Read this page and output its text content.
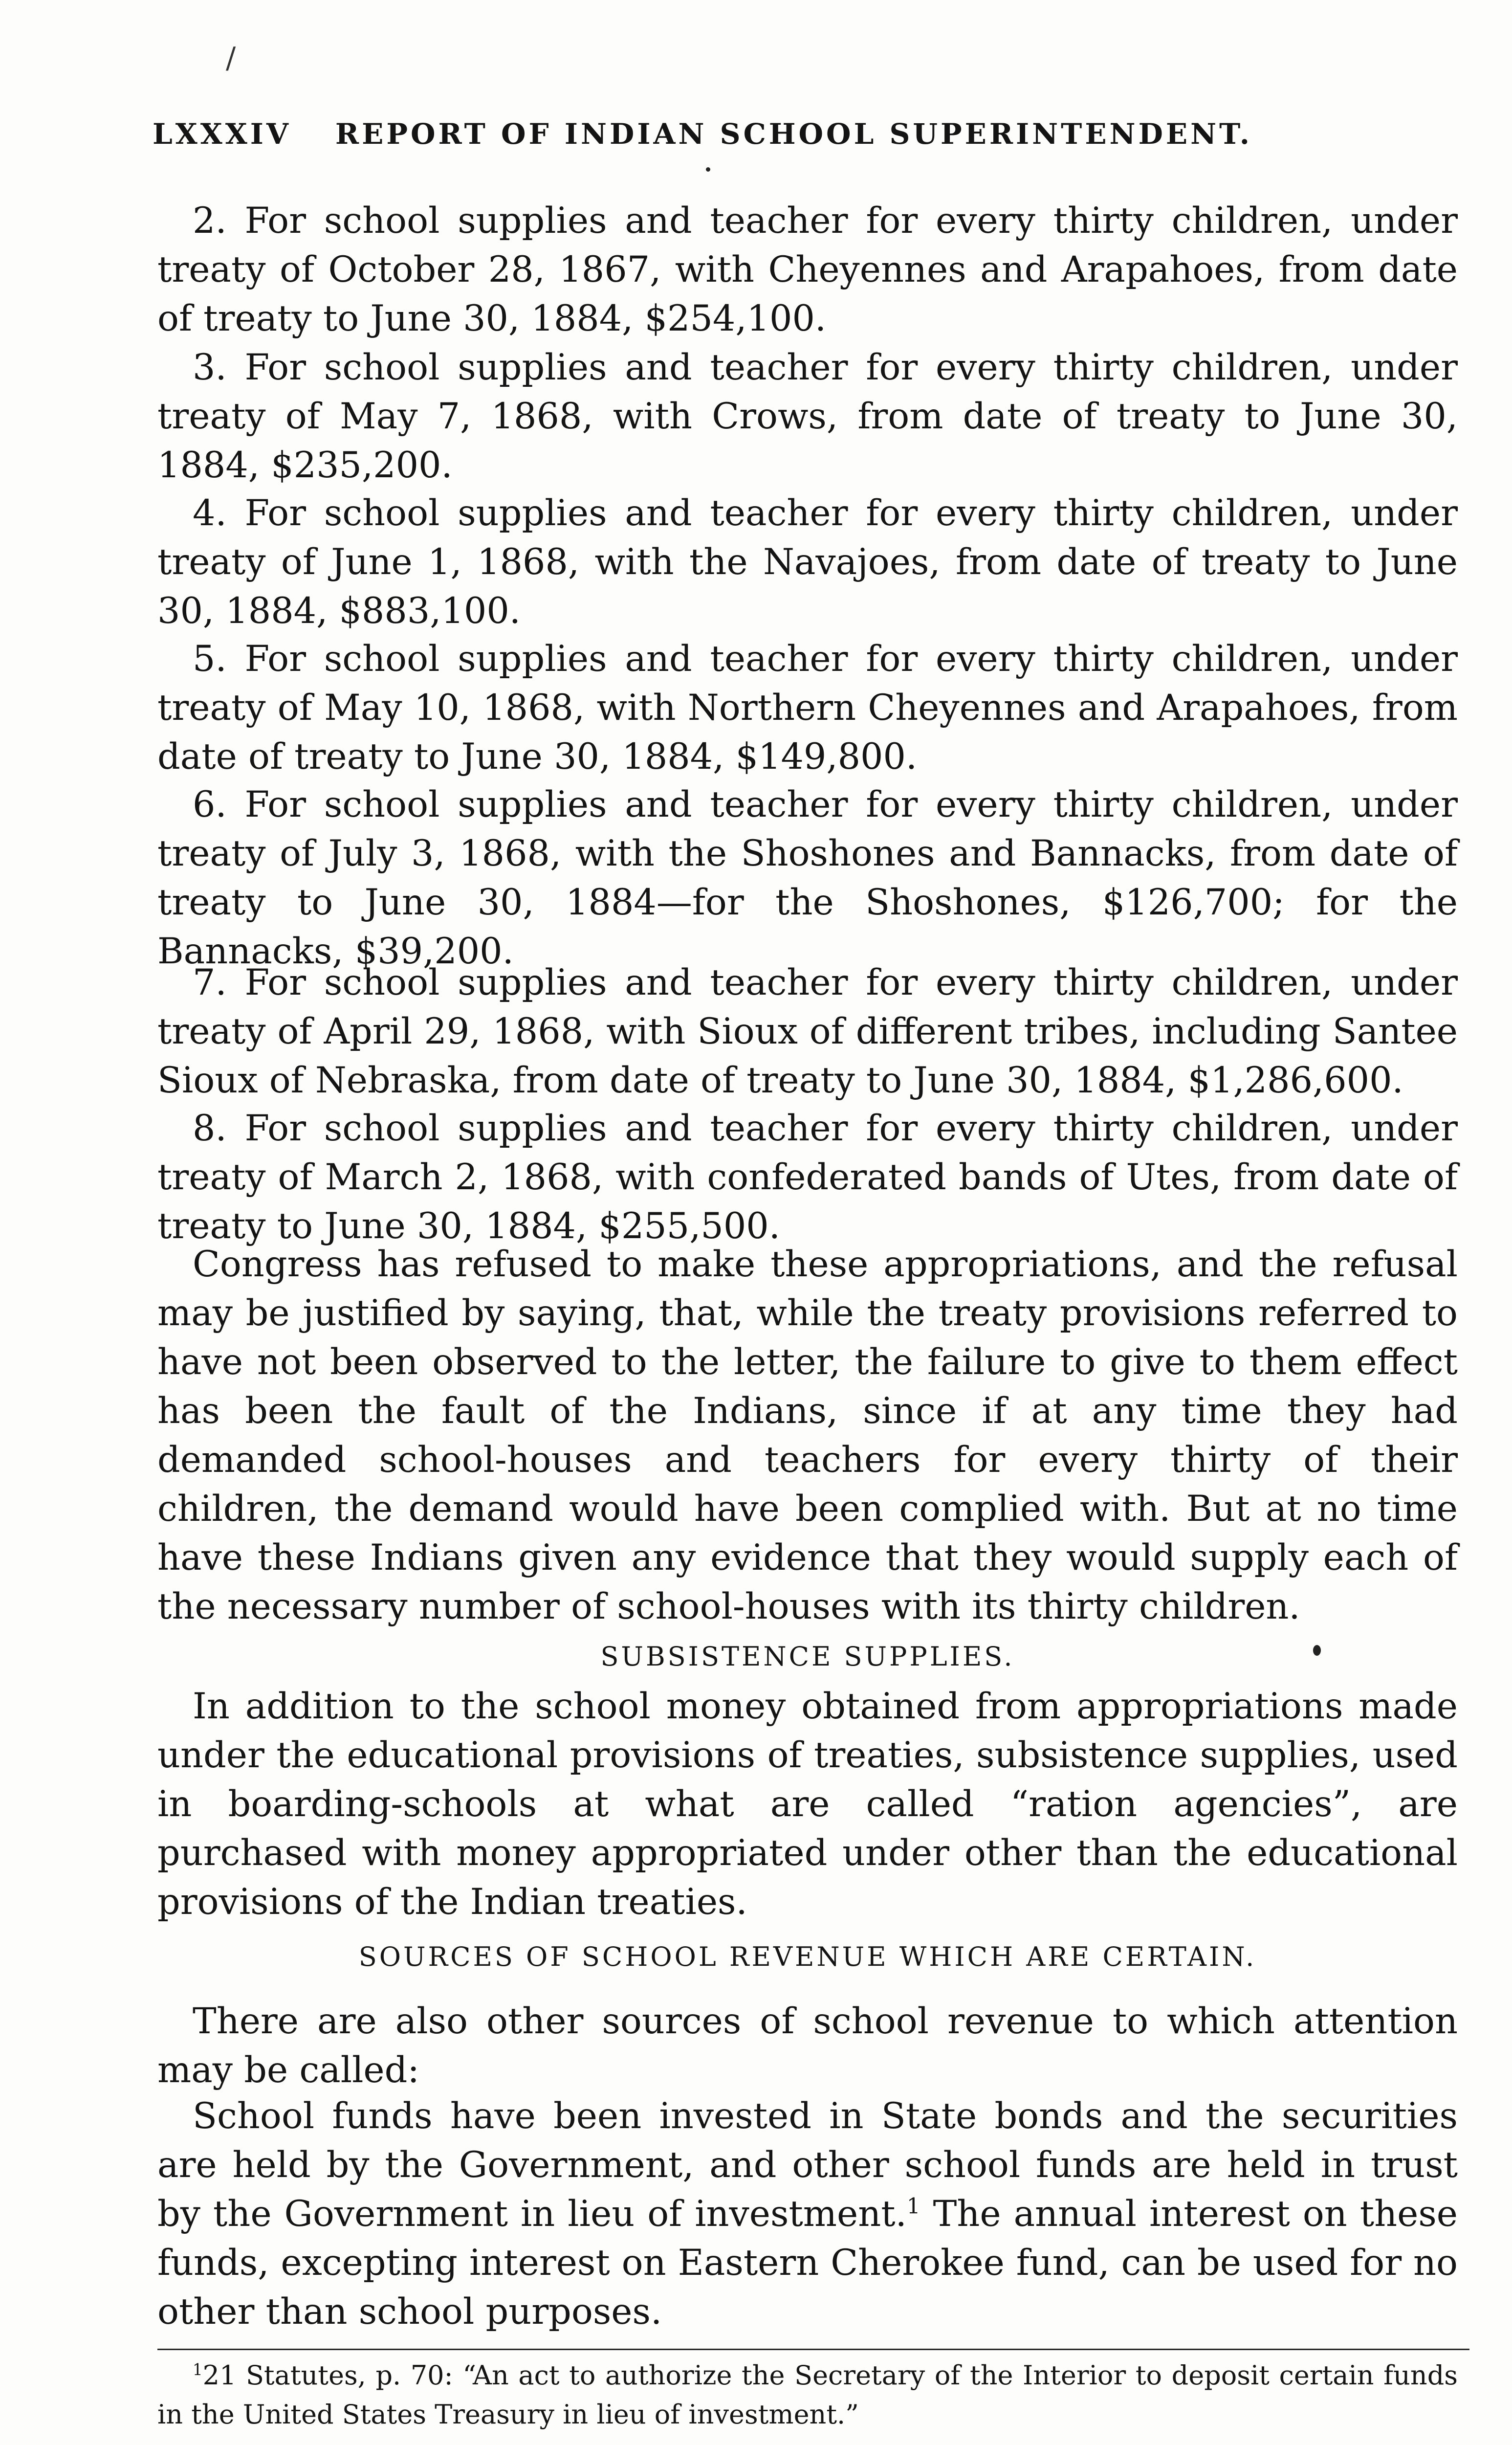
/
LXXXIV REPORT OF INDIAN SCHOOL SUPERINTENDENT.

2. For school supplies and teacher for every thirty children, under treaty of October 28, 1867, with Cheyennes and Arapahoes, from date of treaty to June 30, 1884, $254,100.

3. For school supplies and teacher for every thirty children, under treaty of May 7, 1868, with Crows, from date of treaty to June 30, 1884, $235,200.

4. For school supplies and teacher for every thirty children, under treaty of June 1, 1868, with the Navajoes, from date of treaty to June 30, 1884, $883,100.

5. For school supplies and teacher for every thirty children, under treaty of May 10, 1868, with Northern Cheyennes and Arapahoes, from date of treaty to June 30, 1884, $149,800.

6. For school supplies and teacher for every thirty children, under treaty of July 3, 1868, with the Shoshones and Bannacks, from date of treaty to June 30, 1884—for the Shoshones, $126,700; for the Bannacks, $39,200.

7. For school supplies and teacher for every thirty children, under treaty of April 29, 1868, with Sioux of different tribes, including Santee Sioux of Nebraska, from date of treaty to June 30, 1884, $1,286,600.

8. For school supplies and teacher for every thirty children, under treaty of March 2, 1868, with confederated bands of Utes, from date of treaty to June 30, 1884, $255,500.

Congress has refused to make these appropriations, and the refusal may be justified by saying, that, while the treaty provisions referred to have not been observed to the letter, the failure to give to them effect has been the fault of the Indians, since if at any time they had demanded school-houses and teachers for every thirty of their children, the demand would have been complied with. But at no time have these Indians given any evidence that they would supply each of the necessary number of school-houses with its thirty children.

SUBSISTENCE SUPPLIES.

In addition to the school money obtained from appropriations made under the educational provisions of treaties, subsistence supplies, used in boarding-schools at what are called “ration agencies”, are purchased with money appropriated under other than the educational provisions of the Indian treaties.

SOURCES OF SCHOOL REVENUE WHICH ARE CERTAIN.

There are also other sources of school revenue to which attention may be called:

School funds have been invested in State bonds and the securities are held by the Government, and other school funds are held in trust by the Government in lieu of investment.$^1$ The annual interest on these funds, excepting interest on Eastern Cherokee fund, can be used for no other than school purposes.

$^1$21 Statutes, p. 70: “An act to authorize the Secretary of the Interior to deposit certain funds in the United States Treasury in lieu of investment.”
